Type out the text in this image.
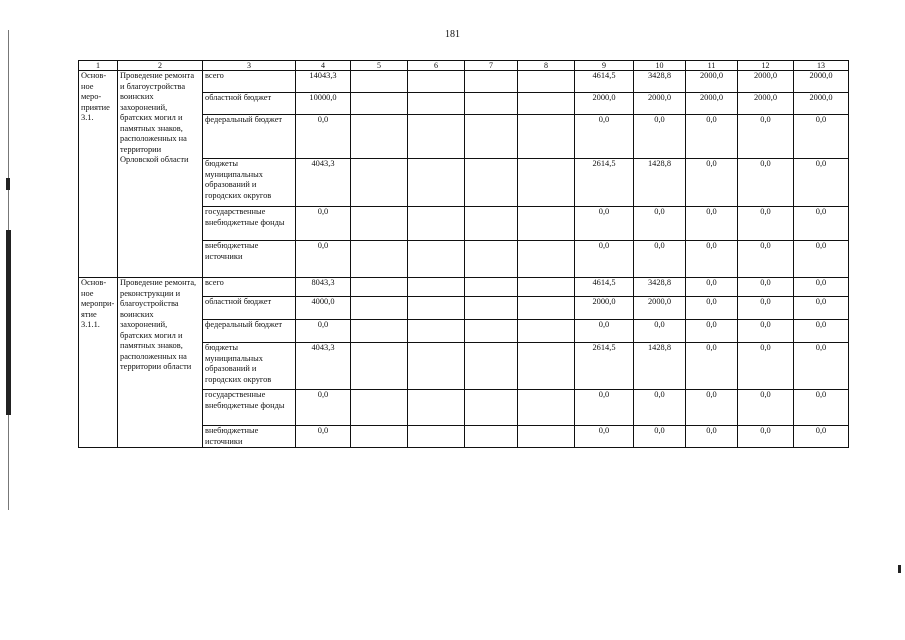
181
1	2	3	4	5	6	7	8	9	10	11	12	13
Основ-ное меро-приятие 3.1.	Проведение ремонта и благоустройства воинских захоронений, братских могил и памятных знаков, расположенных на территории Орловской области	всего	14043,3					4614,5	3428,8	2000,0	2000,0	2000,0
		областной бюджет	10000,0					2000,0	2000,0	2000,0	2000,0	2000,0
		федеральный бюджет	0,0					0,0	0,0	0,0	0,0	0,0
		бюджеты муниципальных образований и городских округов	4043,3					2614,5	1428,8	0,0	0,0	0,0
		государственные внебюджетные фонды	0,0					0,0	0,0	0,0	0,0	0,0
		внебюджетные источники	0,0					0,0	0,0	0,0	0,0	0,0
Основ-ное меропри-ятие 3.1.1.	Проведение ремонта, реконструкции и благоустройства воинских захоронений, братских могил и памятных знаков, расположенных на территории области	всего	8043,3					4614,5	3428,8	0,0	0,0	0,0
		областной бюджет	4000,0					2000,0	2000,0	0,0	0,0	0,0
		федеральный бюджет	0,0					0,0	0,0	0,0	0,0	0,0
		бюджеты муниципальных образований и городских округов	4043,3					2614,5	1428,8	0,0	0,0	0,0
		государственные внебюджетные фонды	0,0					0,0	0,0	0,0	0,0	0,0
		внебюджетные источники	0,0					0,0	0,0	0,0	0,0	0,0
